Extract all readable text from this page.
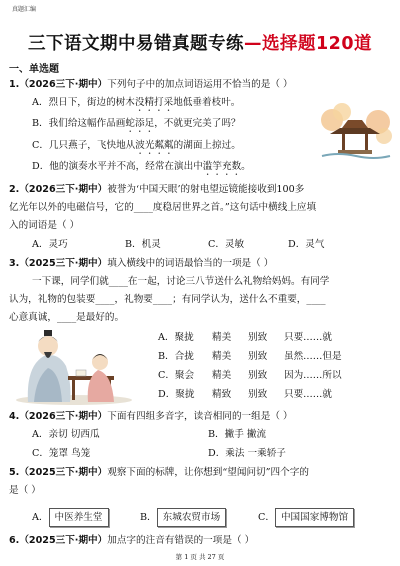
真题汇编
三下语文期中易错真题专练—选择题120道
一、单选题
1.（2026三下·期中）下列句子中的加点词语运用不恰当的是（ ）
A．烈日下，街边的树木没精打采地低垂着枝叶。
B．我们给这幅作品画蛇添足，不就更完美了吗？
C．几只燕子，飞快地从波光粼粼的湖面上掠过。
D．他的演奏水平并不高，经常在演出中滥竽充数。
2.（2026三下·期中）被誉为‘中国天眼’的射电望远镜能接收到100多
亿光年以外的电磁信号，它的____度稳居世界之首。”这句话中横线上应填
入的词语是（ ）
A．灵巧	B．机灵	C．灵敏	D．灵气
3.（2025三下·期中）填入横线中的词语最恰当的一项是（ ）
一下课，同学们就____在一起，讨论三八节送什么礼物给妈妈。有同学
认为，礼物的包装要____，礼物要____；有同学认为，送什么不重要，____
心意真诚，____是最好的。
A．聚拢 精美 别致 只要……就
B．合拢 精美 别致 虽然……但是
C．聚会 精美 别致 因为……所以
D．聚拢 精致 别致 只要……就
4.（2026三下·期中）下面有四组多音字，读音相同的一组是（ ）
A．亲切 切西瓜	B．撇手 撇流
C．笼罩 鸟笼	D．乘法 一乘轿子
5.（2025三下·期中）观察下面的标牌，让你想到“望闻问切”四个字的
是（ ）
A． 中医养生堂	B． 东城农贸市场	C． 中国国家博物馆
6.（2025三下·期中）加点字的注音有错误的一项是（ ）
第 1 页 共 27 页
